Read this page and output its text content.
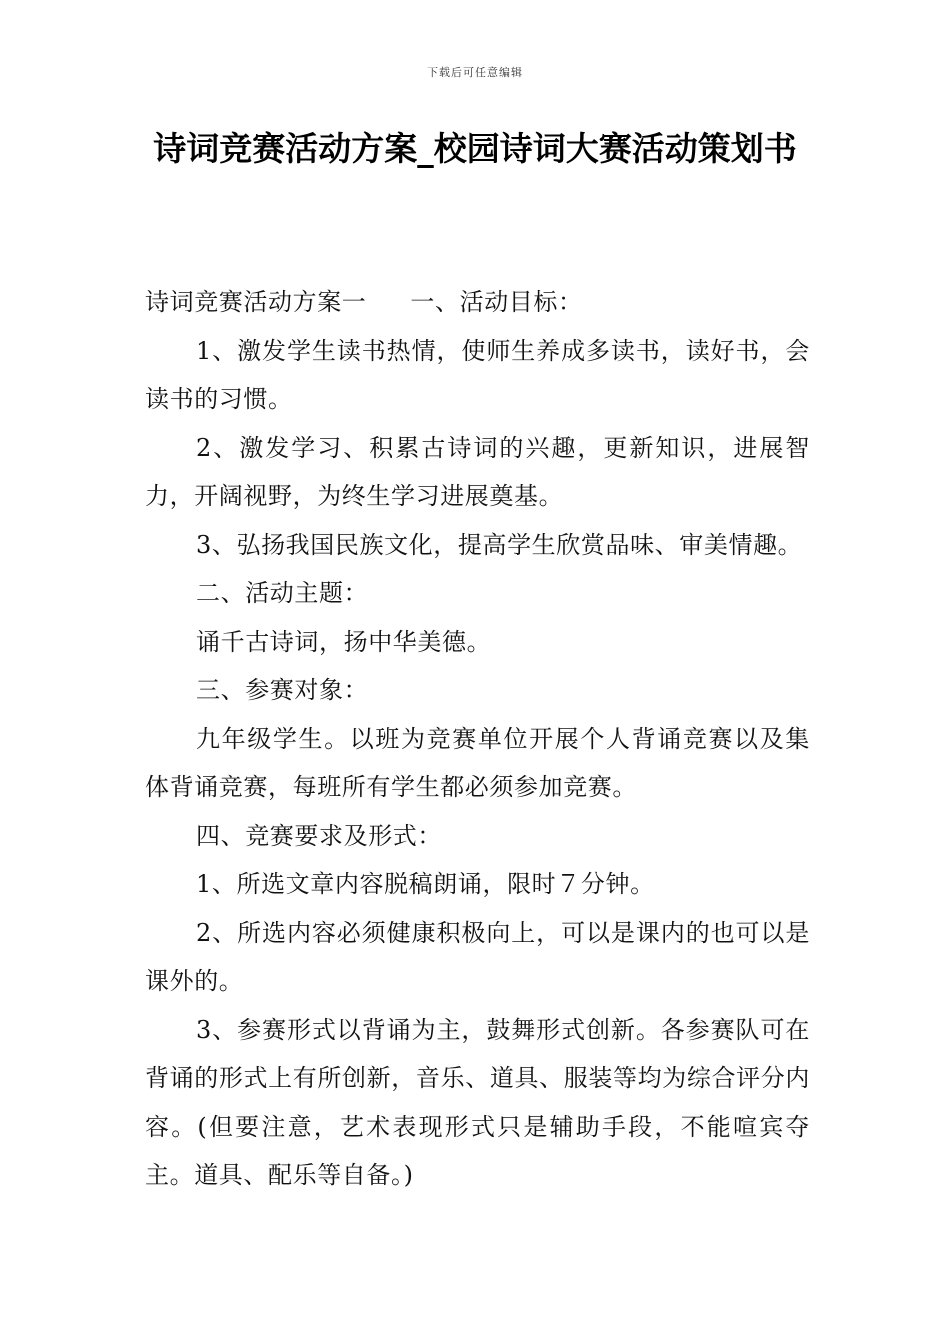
下载后可任意编辑
诗词竞赛活动方案_校园诗词大赛活动策划书

诗词竞赛活动方案一 一、活动目标：

1、激发学生读书热情，使师生养成多读书，读好书，会读书的习惯。

2、激发学习、积累古诗词的兴趣，更新知识，进展智力，开阔视野，为终生学习进展奠基。

3、弘扬我国民族文化，提高学生欣赏品味、审美情趣。

二、活动主题：

诵千古诗词，扬中华美德。

三、参赛对象：

九年级学生。以班为竞赛单位开展个人背诵竞赛以及集体背诵竞赛，每班所有学生都必须参加竞赛。

四、竞赛要求及形式：

1、所选文章内容脱稿朗诵，限时７分钟。

2、所选内容必须健康积极向上，可以是课内的也可以是课外的。

3、参赛形式以背诵为主，鼓舞形式创新。各参赛队可在背诵的形式上有所创新，音乐、道具、服装等均为综合评分内容。(但要注意，艺术表现形式只是辅助手段，不能喧宾夺主。道具、配乐等自备。)
